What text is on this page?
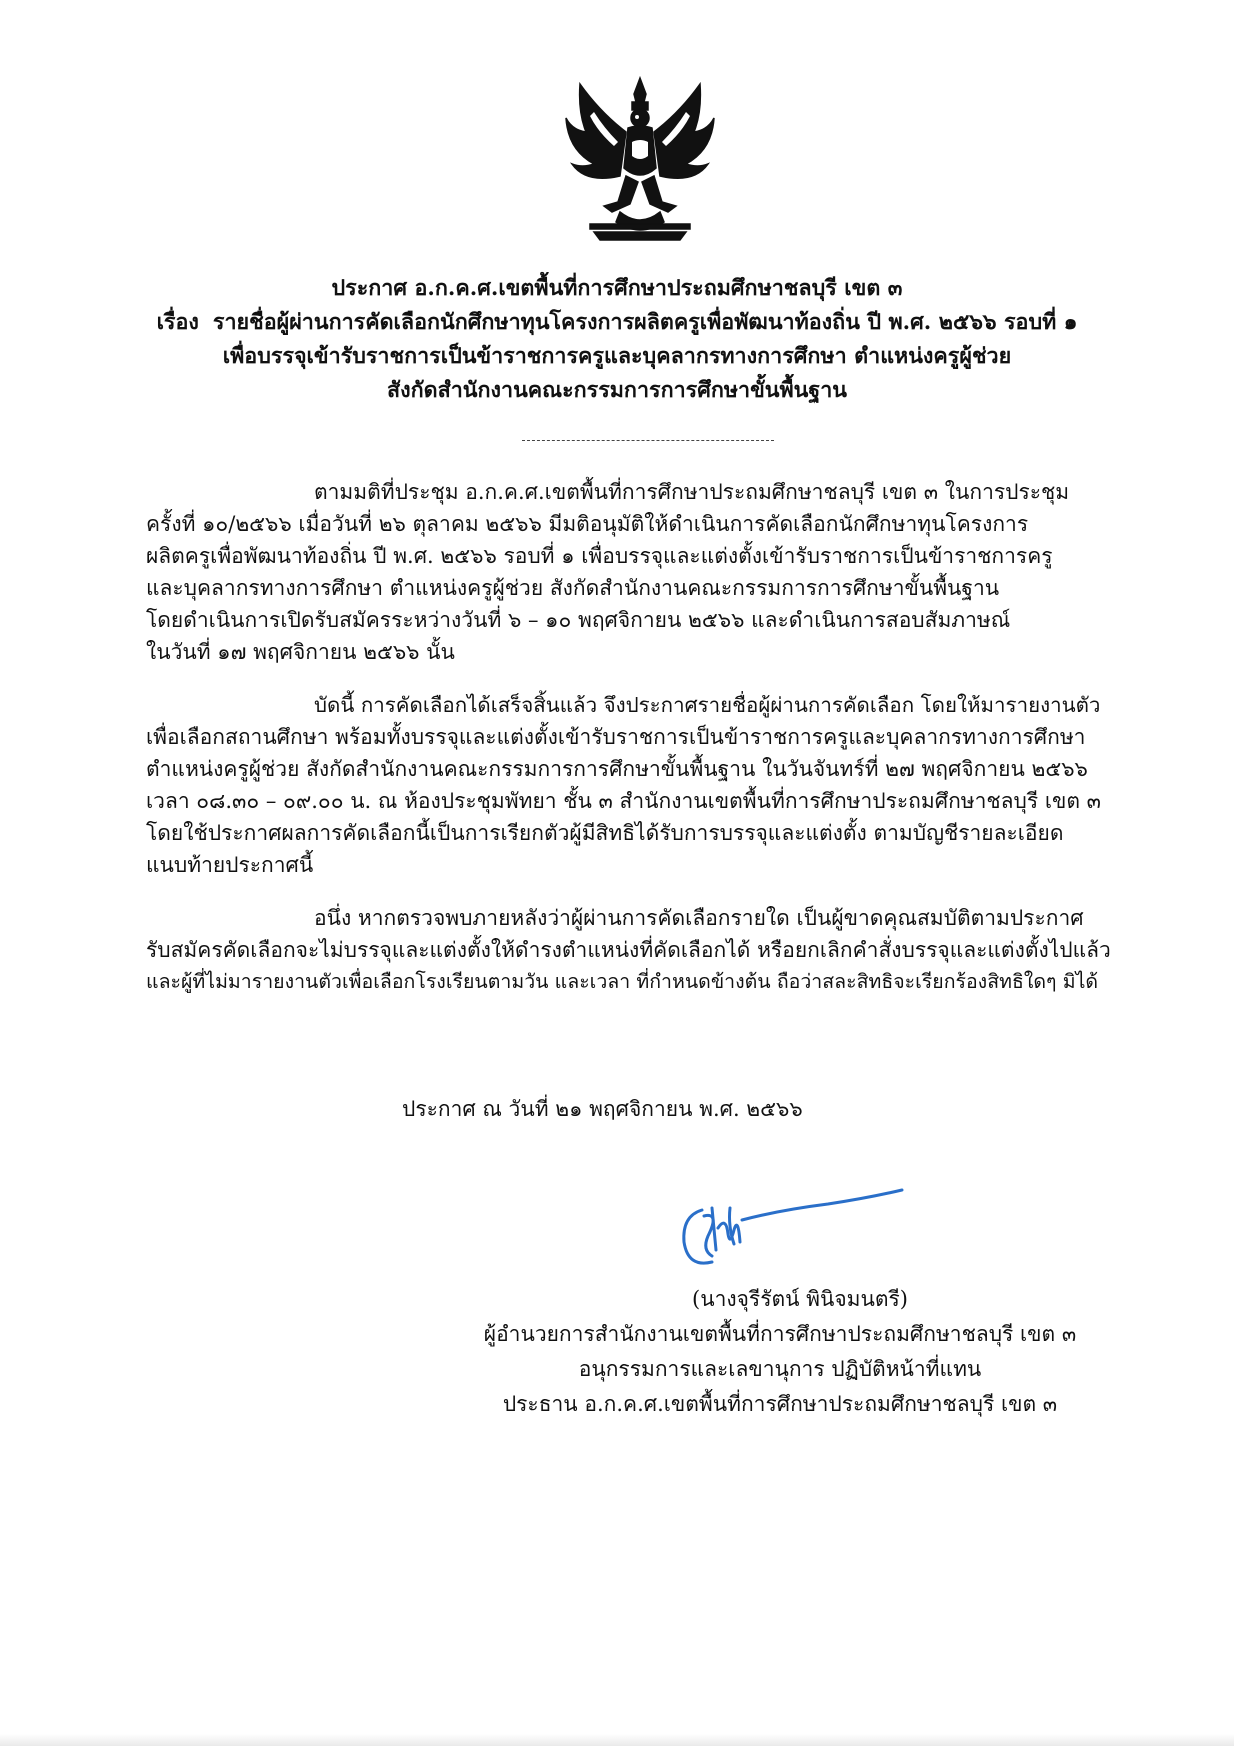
ประกาศ อ.ก.ค.ศ.เขตพื้นที่การศึกษาประถมศึกษาชลบุรี เขต ๓
เรื่อง รายชื่อผู้ผ่านการคัดเลือกนักศึกษาทุนโครงการผลิตครูเพื่อพัฒนาท้องถิ่น ปี พ.ศ. ๒๕๖๖ รอบที่ ๑
เพื่อบรรจุเข้ารับราชการเป็นข้าราชการครูและบุคลากรทางการศึกษา ตำแหน่งครูผู้ช่วย
สังกัดสำนักงานคณะกรรมการการศึกษาขั้นพื้นฐาน
ตามมติที่ประชุม อ.ก.ค.ศ.เขตพื้นที่การศึกษาประถมศึกษาชลบุรี เขต ๓ ในการประชุม
ครั้งที่ ๑๐/๒๕๖๖ เมื่อวันที่ ๒๖ ตุลาคม ๒๕๖๖ มีมติอนุมัติให้ดำเนินการคัดเลือกนักศึกษาทุนโครงการ
ผลิตครูเพื่อพัฒนาท้องถิ่น ปี พ.ศ. ๒๕๖๖ รอบที่ ๑ เพื่อบรรจุและแต่งตั้งเข้ารับราชการเป็นข้าราชการครู
และบุคลากรทางการศึกษา ตำแหน่งครูผู้ช่วย สังกัดสำนักงานคณะกรรมการการศึกษาขั้นพื้นฐาน
โดยดำเนินการเปิดรับสมัครระหว่างวันที่ ๖ – ๑๐ พฤศจิกายน ๒๕๖๖ และดำเนินการสอบสัมภาษณ์
ในวันที่ ๑๗ พฤศจิกายน ๒๕๖๖ นั้น
บัดนี้ การคัดเลือกได้เสร็จสิ้นแล้ว จึงประกาศรายชื่อผู้ผ่านการคัดเลือก โดยให้มารายงานตัว
เพื่อเลือกสถานศึกษา พร้อมทั้งบรรจุและแต่งตั้งเข้ารับราชการเป็นข้าราชการครูและบุคลากรทางการศึกษา
ตำแหน่งครูผู้ช่วย สังกัดสำนักงานคณะกรรมการการศึกษาขั้นพื้นฐาน ในวันจันทร์ที่ ๒๗ พฤศจิกายน ๒๕๖๖
เวลา ๐๘.๓๐ – ๐๙.๐๐ น. ณ ห้องประชุมพัทยา ชั้น ๓ สำนักงานเขตพื้นที่การศึกษาประถมศึกษาชลบุรี เขต ๓
โดยใช้ประกาศผลการคัดเลือกนี้เป็นการเรียกตัวผู้มีสิทธิได้รับการบรรจุและแต่งตั้ง ตามบัญชีรายละเอียด
แนบท้ายประกาศนี้
อนึ่ง หากตรวจพบภายหลังว่าผู้ผ่านการคัดเลือกรายใด เป็นผู้ขาดคุณสมบัติตามประกาศ
รับสมัครคัดเลือกจะไม่บรรจุและแต่งตั้งให้ดำรงตำแหน่งที่คัดเลือกได้ หรือยกเลิกคำสั่งบรรจุและแต่งตั้งไปแล้ว
และผู้ที่ไม่มารายงานตัวเพื่อเลือกโรงเรียนตามวัน และเวลา ที่กำหนดข้างต้น ถือว่าสละสิทธิจะเรียกร้องสิทธิใดๆ มิได้
ประกาศ ณ วันที่ ๒๑ พฤศจิกายน พ.ศ. ๒๕๖๖
(นางจุรีรัตน์ พินิจมนตรี)
ผู้อำนวยการสำนักงานเขตพื้นที่การศึกษาประถมศึกษาชลบุรี เขต ๓
อนุกรรมการและเลขานุการ ปฏิบัติหน้าที่แทน
ประธาน อ.ก.ค.ศ.เขตพื้นที่การศึกษาประถมศึกษาชลบุรี เขต ๓
